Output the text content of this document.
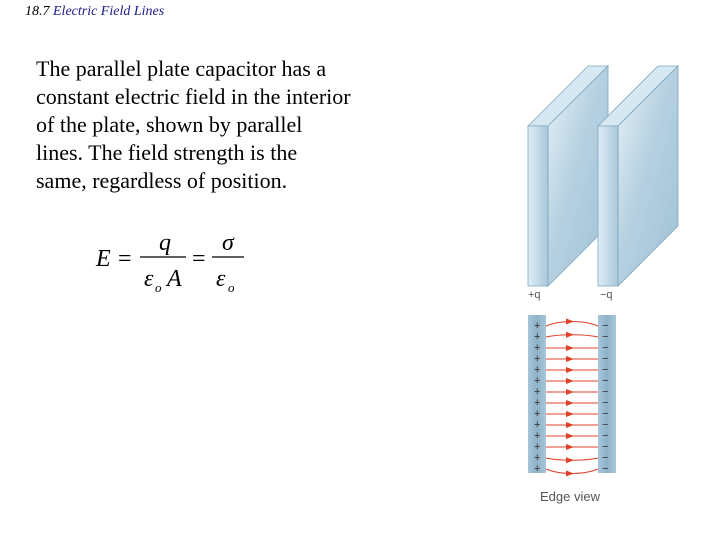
18.7 Electric Field Lines
The parallel plate capacitor has a
constant electric field in the interior
of the plate, shown by parallel
lines. The field strength is the
same, regardless of position.
E =
q
ε o A
=
σ
ε o	+q	−q
+
+
+
+
+
+
+
+
+
+
+
+
+
+
−
−
−
−
−
−
−
−
−
−
−
−
−
−
Edge view
